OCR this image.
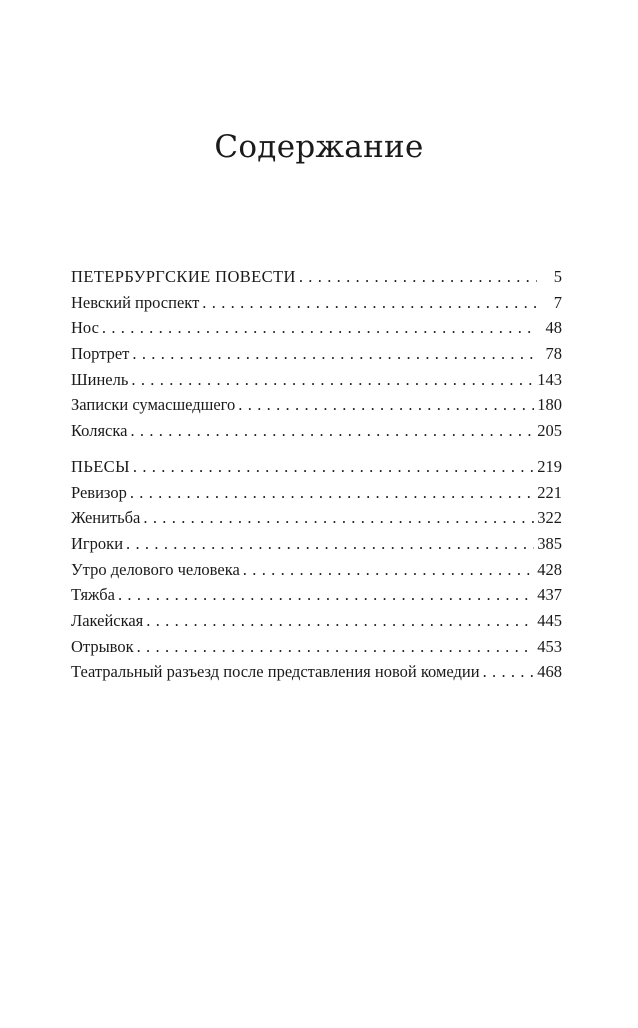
Содержание
ПЕТЕРБУРГСКИЕ ПОВЕСТИ . . .	5
Невский проспект . . .	7
Нос . . .	48
Портрет . . .	78
Шинель . . .	143
Записки сумасшедшего . . .	180
Коляска . . .	205
ПЬЕСЫ . . .	219
Ревизор . . .	221
Женитьба . . .	322
Игроки . . .	385
Утро делового человека . . .	428
Тяжба . . .	437
Лакейская . . .	445
Отрывок . . .	453
Театральный разъезд после представления новой комедии . . .	468
